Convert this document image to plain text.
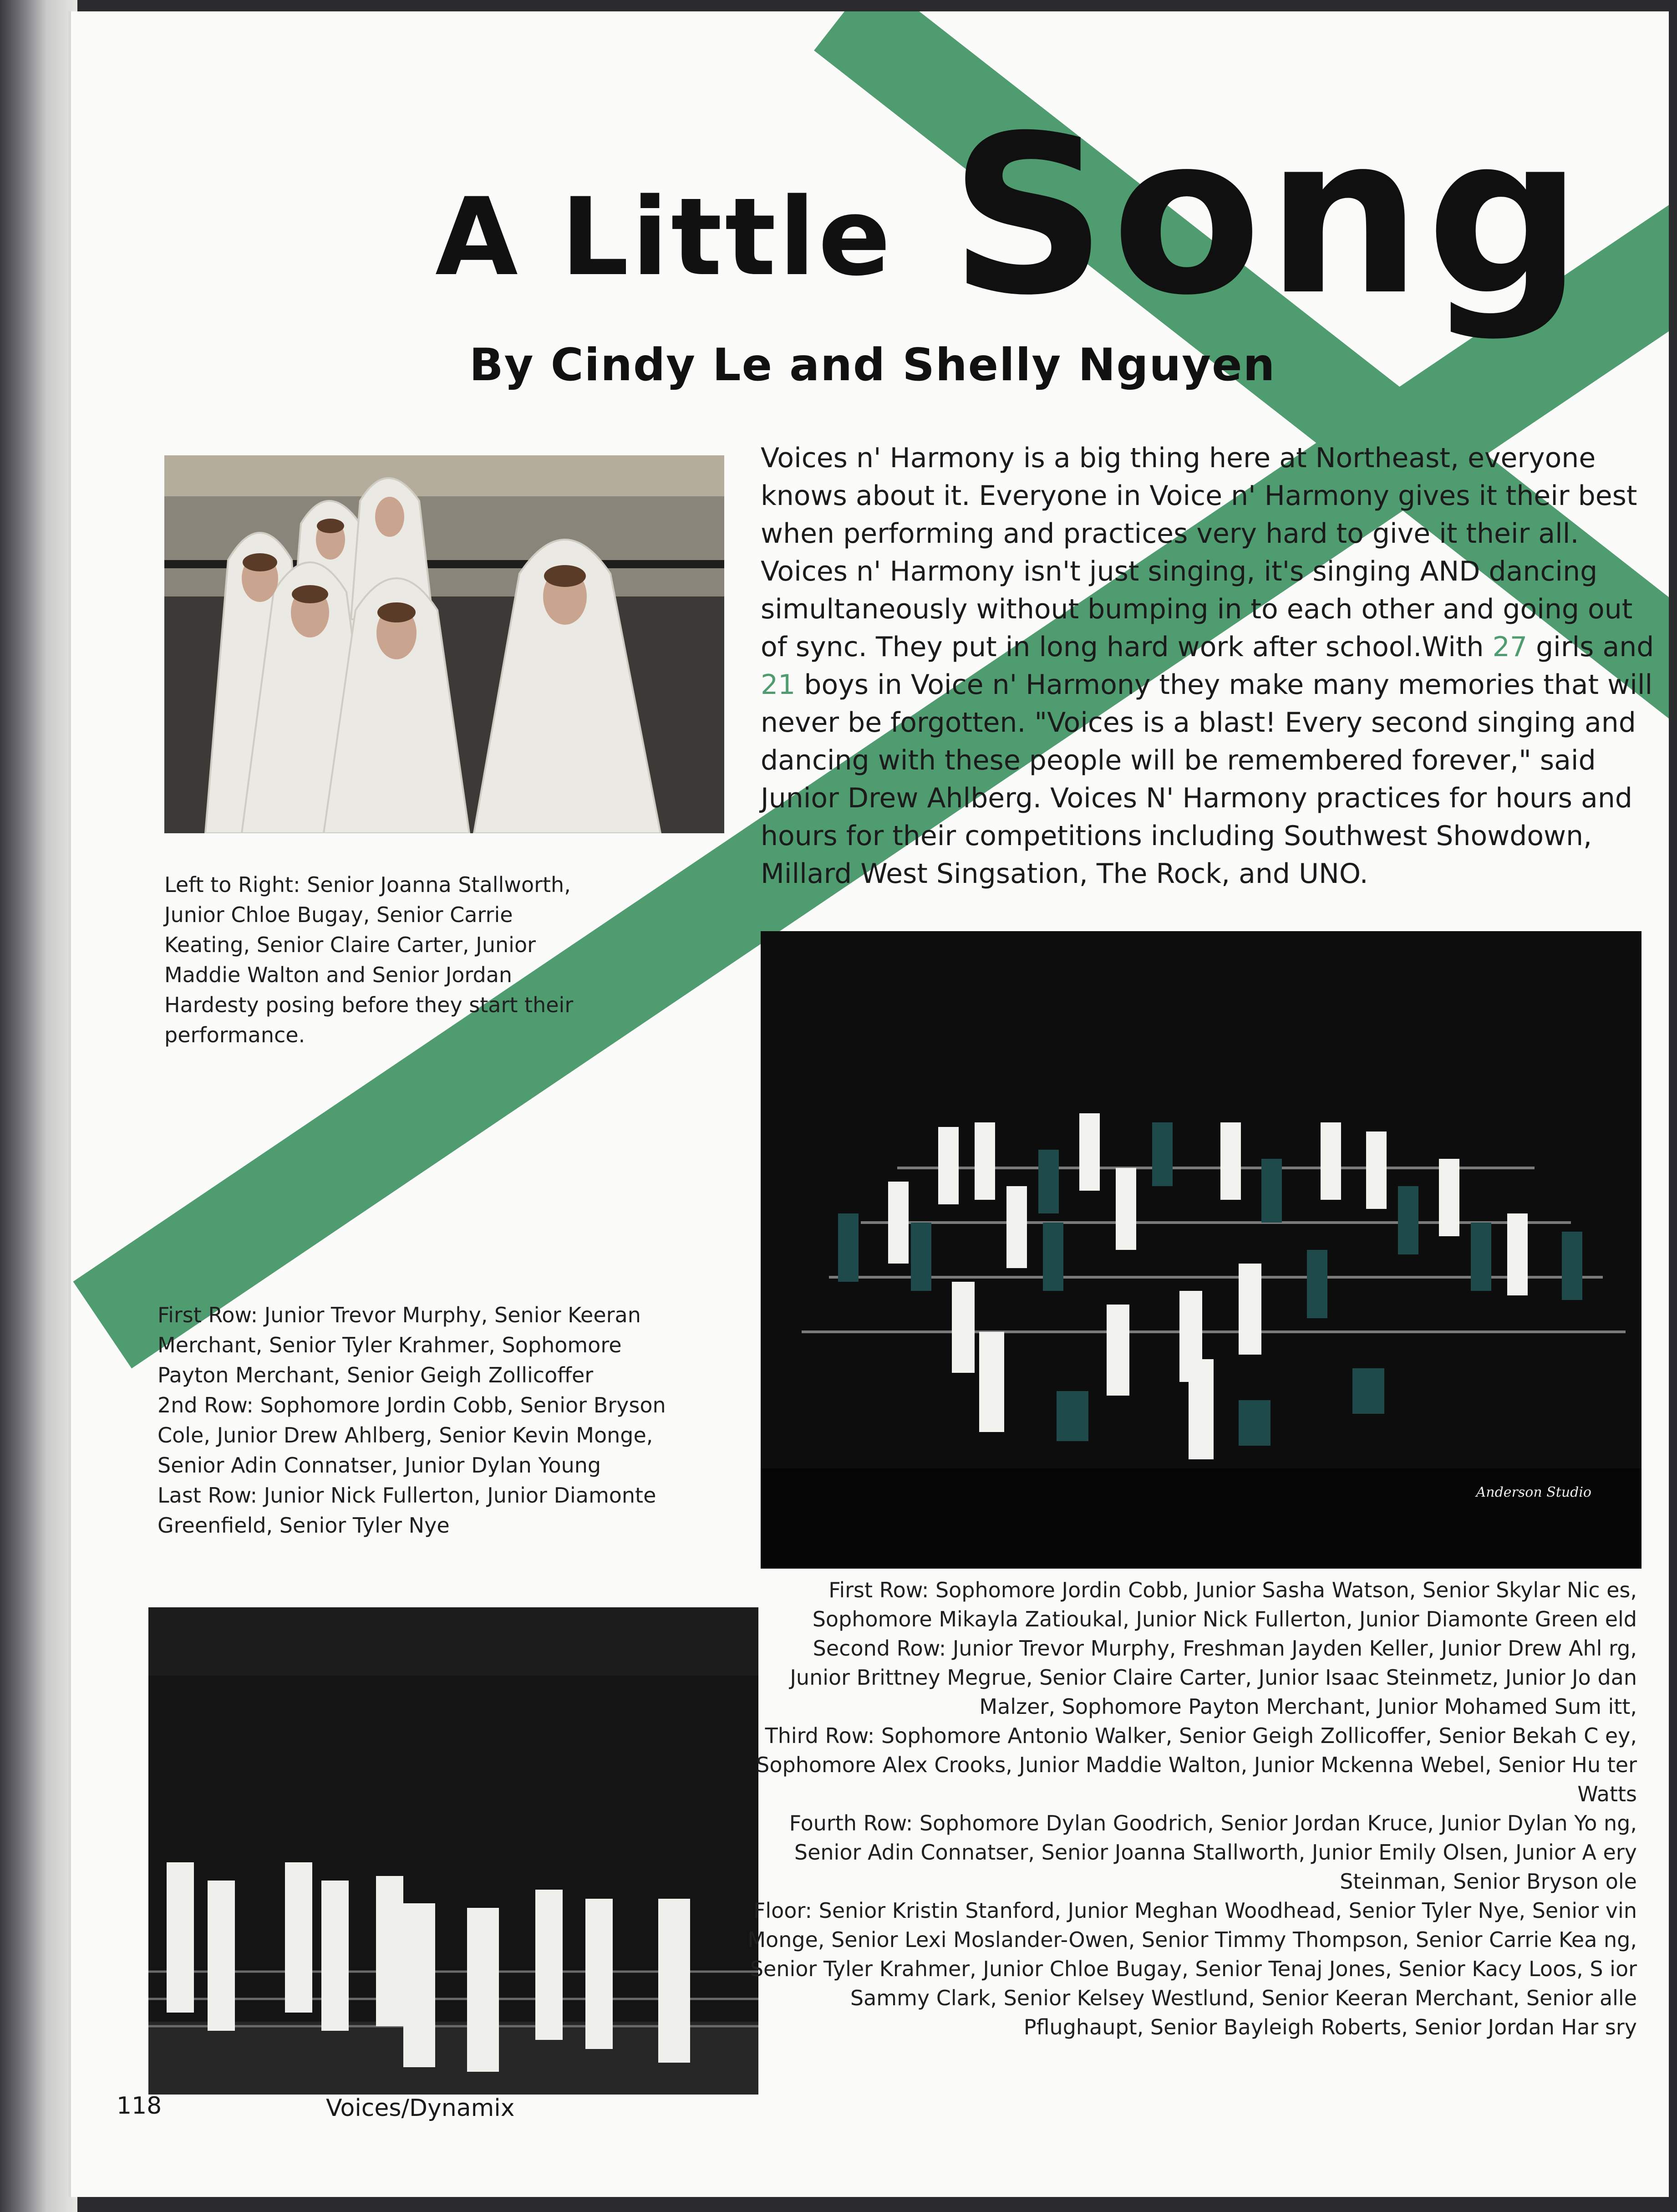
A Little Song
By Cindy Le and Shelly Nguyen
Left to Right: Senior Joanna Stallworth, Junior Chloe Bugay, Senior Carrie Keating, Senior Claire Carter, Junior Maddie Walton and Senior Jordan Hardesty posing before they start their performance.
Voices n' Harmony is a big thing here at Northeast, everyone knows about it. Everyone in Voice n' Harmony gives it their best when performing and practices very hard to give it their all. Voices n' Harmony isn't just singing, it's singing AND dancing simultaneously without bumping in to each other and going out of sync. They put in long hard work after school.With 27 girls and 21 boys in Voice n' Harmony they make many memories that will never be forgotten. "Voices is a blast! Every second singing and dancing with these people will be remembered forever," said Junior Drew Ahlberg. Voices N' Harmony practices for hours and hours for their competitions including Southwest Showdown, Millard West Singsation, The Rock, and UNO.
Anderson Studio
First Row: Junior Trevor Murphy, Senior Keeran Merchant, Senior Tyler Krahmer, Sophomore Payton Merchant, Senior Geigh Zollicoffer
2nd Row: Sophomore Jordin Cobb, Senior Bryson Cole, Junior Drew Ahlberg, Senior Kevin Monge, Senior Adin Connatser, Junior Dylan Young
Last Row: Junior Nick Fullerton, Junior Diamonte Greenfield, Senior Tyler Nye
First Row: Sophomore Jordin Cobb, Junior Sasha Watson, Senior Skylar Nic es,
Sophomore Mikayla Zatioukal, Junior Nick Fullerton, Junior Diamonte Green eld
Second Row: Junior Trevor Murphy, Freshman Jayden Keller, Junior Drew Ahl rg,
Junior Brittney Megrue, Senior Claire Carter, Junior Isaac Steinmetz, Junior Jo dan
Malzer, Sophomore Payton Merchant, Junior Mohamed Sum itt,
Third Row: Sophomore Antonio Walker, Senior Geigh Zollicoffer, Senior Bekah C ey,
Sophomore Alex Crooks, Junior Maddie Walton, Junior Mckenna Webel, Senior Hu ter
Watts
Fourth Row: Sophomore Dylan Goodrich, Senior Jordan Kruce, Junior Dylan Yo ng,
Senior Adin Connatser, Senior Joanna Stallworth, Junior Emily Olsen, Junior A ery
Steinman, Senior Bryson ole
Floor: Senior Kristin Stanford, Junior Meghan Woodhead, Senior Tyler Nye, Senior vin
Monge, Senior Lexi Moslander-Owen, Senior Timmy Thompson, Senior Carrie Kea ng,
Senior Tyler Krahmer, Junior Chloe Bugay, Senior Tenaj Jones, Senior Kacy Loos, S ior
Sammy Clark, Senior Kelsey Westlund, Senior Keeran Merchant, Senior alle
Pflughaupt, Senior Bayleigh Roberts, Senior Jordan Har sry
118	Voices/Dynamix
